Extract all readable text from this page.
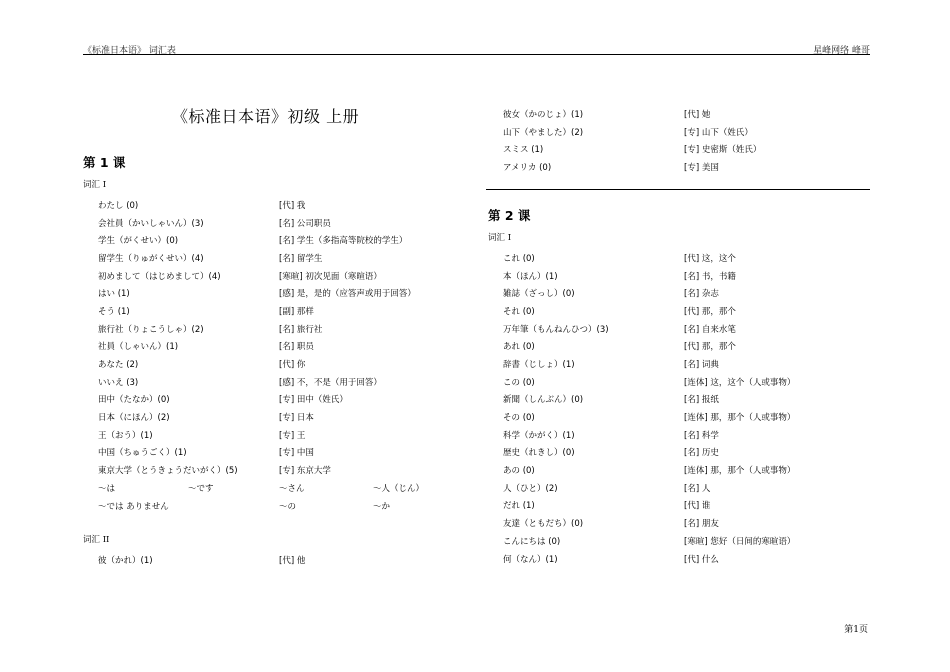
《标准日本语》 词汇表	星峰网络 峰哥
《标准日本语》初级 上册
第 1 课
词汇 I
わたし (0)	[代] 我
会社員（かいしゃいん）(3)	[名] 公司职员
学生（がくせい）(0)	[名] 学生（多指高等院校的学生）
留学生（りゅがくせい）(4)	[名] 留学生
初めまして（はじめまして）(4)	[寒暄] 初次见面（寒暄语）
はい (1)	[感] 是，是的（应答声或用于回答）
そう (1)	[副] 那样
旅行社（りょこうしゃ）(2)	[名] 旅行社
社員（しゃいん）(1)	[名] 职员
あなた (2)	[代] 你
いいえ (3)	[感] 不，不是（用于回答）
田中（たなか）(0)	[专] 田中（姓氏）
日本（にほん）(2)	[专] 日本
王（おう）(1)	[专] 王
中国（ちゅうごく）(1)	[专] 中国
東京大学（とうきょうだいがく）(5)	[专] 东京大学
～は	～です	～さん	～人（じん）
～では ありません	～の	～か
词汇 II
彼（かれ）(1)	[代] 他
彼女（かのじょ）(1)	[代] 她
山下（やました）(2)	[专] 山下（姓氏）
スミス (1)	[专] 史密斯（姓氏）
アメリカ (0)	[专] 美国
第 2 课
词汇 I
これ (0)	[代] 这，这个
本（ほん）(1)	[名] 书，书籍
雑誌（ざっし）(0)	[名] 杂志
それ (0)	[代] 那，那个
万年筆（もんねんひつ）(3)	[名] 自来水笔
あれ (0)	[代] 那，那个
辞書（じしょ）(1)	[名] 词典
この (0)	[连体] 这，这个（人或事物）
新聞（しんぶん）(0)	[名] 报纸
その (0)	[连体] 那，那个（人或事物）
科学（かがく）(1)	[名] 科学
歴史（れきし）(0)	[名] 历史
あの (0)	[连体] 那，那个（人或事物）
人（ひと）(2)	[名] 人
だれ (1)	[代] 谁
友達（ともだち）(0)	[名] 朋友
こんにちは (0)	[寒暄] 您好（日间的寒暄语）
何（なん）(1)	[代] 什么
第1页
